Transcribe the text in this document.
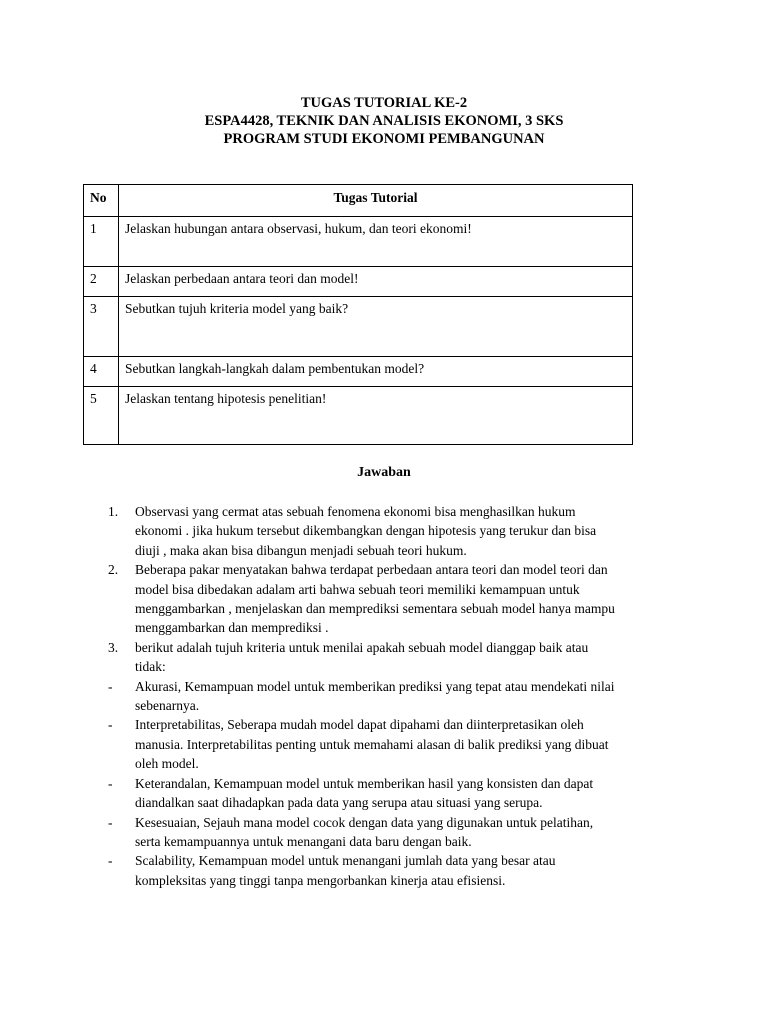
TUGAS TUTORIAL KE-2
ESPA4428, TEKNIK DAN ANALISIS EKONOMI, 3 SKS
PROGRAM STUDI EKONOMI PEMBANGUNAN
No	Tugas Tutorial
1	Jelaskan hubungan antara observasi, hukum, dan teori ekonomi!
2	Jelaskan perbedaan antara teori dan model!
3	Sebutkan tujuh kriteria model yang baik?
4	Sebutkan langkah-langkah dalam pembentukan model?
5	Jelaskan tentang hipotesis penelitian!
Jawaban
1. Observasi yang cermat atas sebuah fenomena ekonomi bisa menghasilkan hukum
ekonomi . jika hukum tersebut dikembangkan dengan hipotesis yang terukur dan bisa
diuji , maka akan bisa dibangun menjadi sebuah teori hukum.
2. Beberapa pakar menyatakan bahwa terdapat perbedaan antara teori dan model teori dan
model bisa dibedakan adalam arti bahwa sebuah teori memiliki kemampuan untuk
menggambarkan , menjelaskan dan memprediksi sementara sebuah model hanya mampu
menggambarkan dan memprediksi .
3. berikut adalah tujuh kriteria untuk menilai apakah sebuah model dianggap baik atau
tidak:
- Akurasi, Kemampuan model untuk memberikan prediksi yang tepat atau mendekati nilai
sebenarnya.
- Interpretabilitas, Seberapa mudah model dapat dipahami dan diinterpretasikan oleh
manusia. Interpretabilitas penting untuk memahami alasan di balik prediksi yang dibuat
oleh model.
- Keterandalan, Kemampuan model untuk memberikan hasil yang konsisten dan dapat
diandalkan saat dihadapkan pada data yang serupa atau situasi yang serupa.
- Kesesuaian, Sejauh mana model cocok dengan data yang digunakan untuk pelatihan,
serta kemampuannya untuk menangani data baru dengan baik.
- Scalability, Kemampuan model untuk menangani jumlah data yang besar atau
kompleksitas yang tinggi tanpa mengorbankan kinerja atau efisiensi.
